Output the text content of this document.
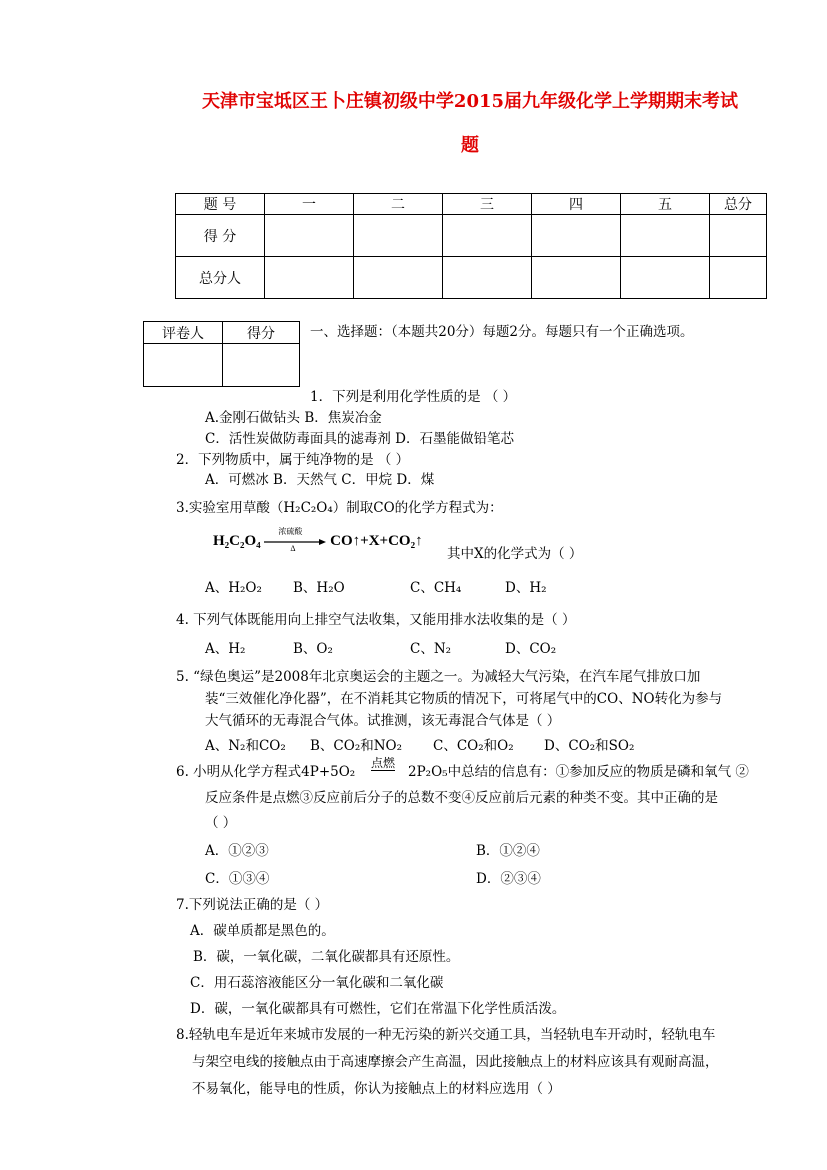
天津市宝坻区王卜庄镇初级中学2015届九年级化学上学期期末考试
题
题 号	一	二	三	四	五	总分
得 分						
总分人						
评卷人	得分
		一、选择题：（本题共20分）每题2分。每题只有一个正确选项。
1．下列是利用化学性质的是 （ ）
A.金刚石做钻头 B．焦炭冶金
C．活性炭做防毒面具的滤毒剂 D．石墨能做铅笔芯
2．下列物质中，属于纯净物的是 （ ）
A．可燃冰 B．天然气 C．甲烷 D．煤
3.实验室用草酸（H₂C₂O₄）制取CO的化学方程式为：
H₂C₂O₄
浓硫酸
Δ CO↑+X+CO₂↑
其中X的化学式为（ ）
A、H₂O₂ B、H₂O	C、CH₄	D、H₂
4. 下列气体既能用向上排空气法收集，又能用排水法收集的是（ ）
A、H₂	B、O₂	C、N₂	D、CO₂
5. “绿色奥运”是2008年北京奥运会的主题之一。为减轻大气污染，在汽车尾气排放口加
装“三效催化净化器”，在不消耗其它物质的情况下，可将尾气中的CO、NO转化为参与
大气循环的无毒混合气体。试推测，该无毒混合气体是（ ）
A、N₂和CO₂ B、CO₂和NO₂ C、CO₂和O₂ D、CO₂和SO₂
6. 小明从化学方程式4P+5O₂
点燃
2P₂O₅中总结的信息有：①参加反应的物质是磷和氧气 ②
反应条件是点燃③反应前后分子的总数不变④反应前后元素的种类不变。其中正确的是
（ ）
A．①②③	B．①②④
C．①③④	D．②③④
7.下列说法正确的是（ ）
A．碳单质都是黑色的。
B．碳，一氧化碳，二氧化碳都具有还原性。
C．用石蕊溶液能区分一氧化碳和二氧化碳
D．碳，一氧化碳都具有可燃性，它们在常温下化学性质活泼。
8.轻轨电车是近年来城市发展的一种无污染的新兴交通工具，当轻轨电车开动时，轻轨电车
与架空电线的接触点由于高速摩擦会产生高温，因此接触点上的材料应该具有观耐高温，
不易氧化，能导电的性质，你认为接触点上的材料应选用（ ）
